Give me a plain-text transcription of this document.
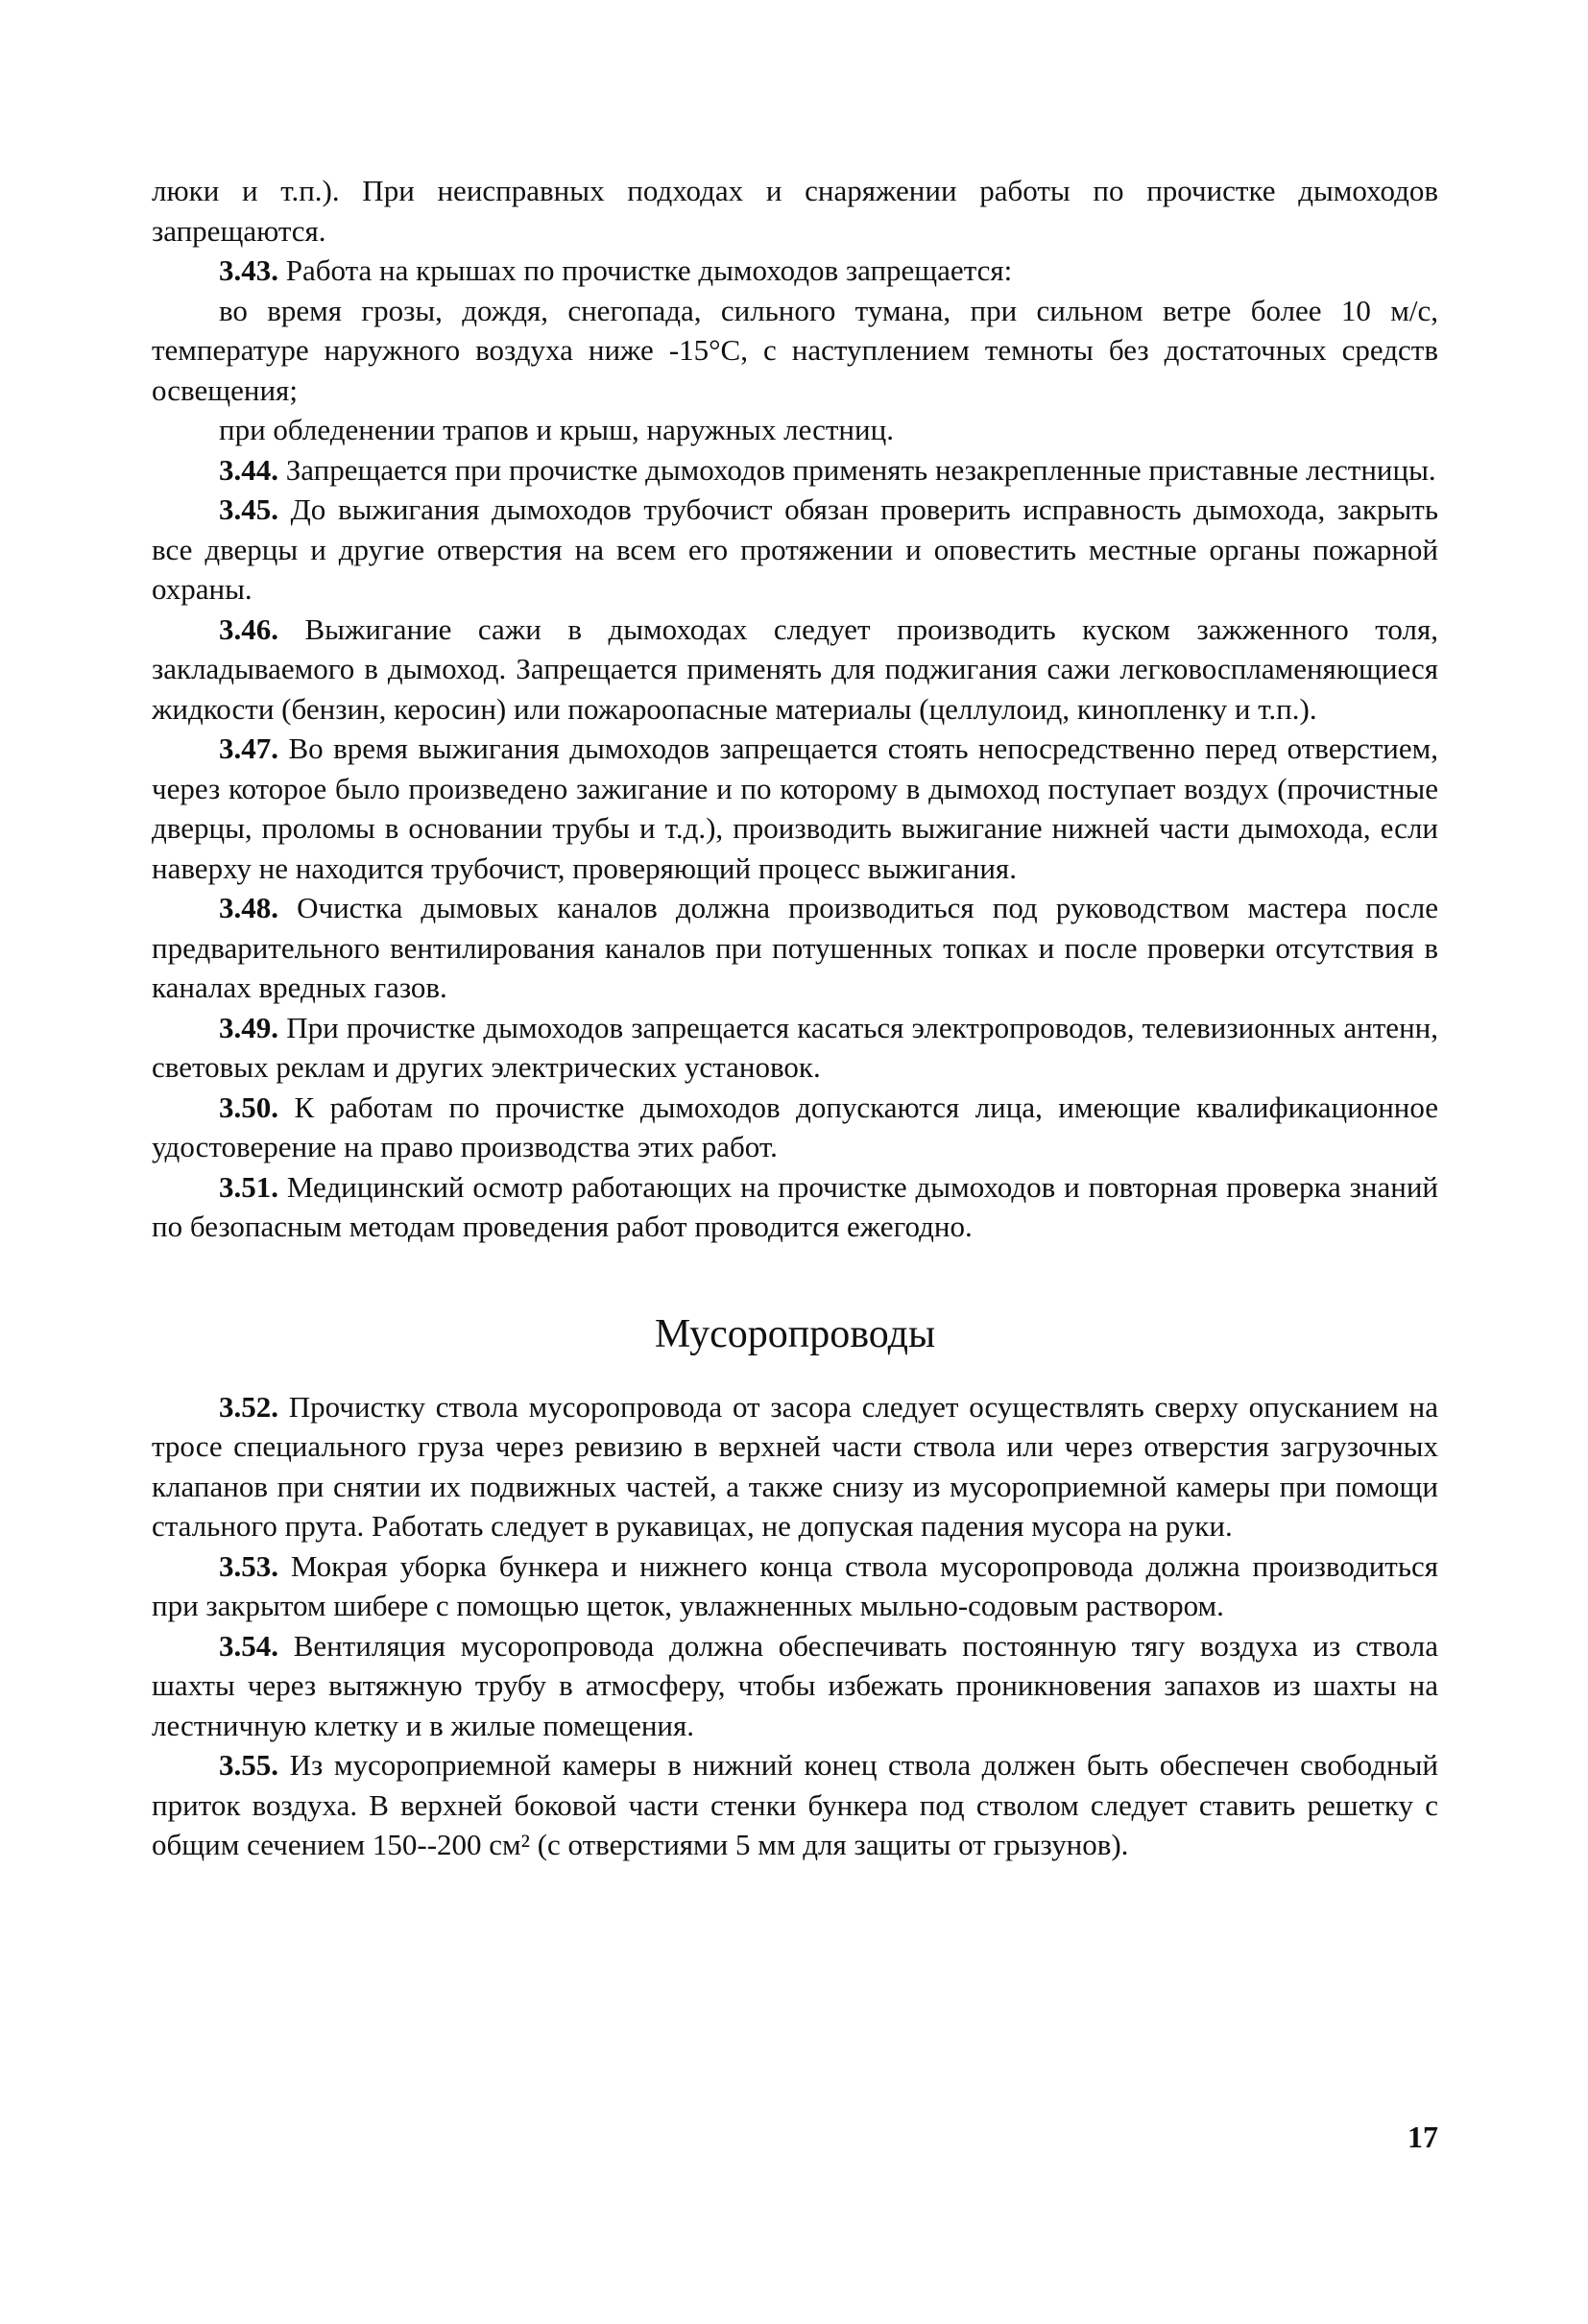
люки и т.п.). При неисправных подходах и снаряжении работы по прочистке дымоходов запрещаются.

3.43. Работа на крышах по прочистке дымоходов запрещается:

во время грозы, дождя, снегопада, сильного тумана, при сильном ветре более 10 м/с, температуре наружного воздуха ниже -15°С, с наступлением темноты без достаточных средств освещения;

при обледенении трапов и крыш, наружных лестниц.

3.44. Запрещается при прочистке дымоходов применять незакрепленные приставные лестницы.

3.45. До выжигания дымоходов трубочист обязан проверить исправность дымохода, закрыть все дверцы и другие отверстия на всем его протяжении и оповестить местные органы пожарной охраны.

3.46. Выжигание сажи в дымоходах следует производить куском зажженного толя, закладываемого в дымоход. Запрещается применять для поджигания сажи легковоспламеняющиеся жидкости (бензин, керосин) или пожароопасные материалы (целлулоид, кинопленку и т.п.).

3.47. Во время выжигания дымоходов запрещается стоять непосредственно перед отверстием, через которое было произведено зажигание и по которому в дымоход поступает воздух (прочистные дверцы, проломы в основании трубы и т.д.), производить выжигание нижней части дымохода, если наверху не находится трубочист, проверяющий процесс выжигания.

3.48. Очистка дымовых каналов должна производиться под руководством мастера после предварительного вентилирования каналов при потушенных топках и после проверки отсутствия в каналах вредных газов.

3.49. При прочистке дымоходов запрещается касаться электропроводов, телевизионных антенн, световых реклам и других электрических установок.

3.50. К работам по прочистке дымоходов допускаются лица, имеющие квалификационное удостоверение на право производства этих работ.

3.51. Медицинский осмотр работающих на прочистке дымоходов и повторная проверка знаний по безопасным методам проведения работ проводится ежегодно.

Мусоропроводы

3.52. Прочистку ствола мусоропровода от засора следует осуществлять сверху опусканием на тросе специального груза через ревизию в верхней части ствола или через отверстия загрузочных клапанов при снятии их подвижных частей, а также снизу из мусороприемной камеры при помощи стального прута. Работать следует в рукавицах, не допуская падения мусора на руки.

3.53. Мокрая уборка бункера и нижнего конца ствола мусоропровода должна производиться при закрытом шибере с помощью щеток, увлажненных мыльно-содовым раствором.

3.54. Вентиляция мусоропровода должна обеспечивать постоянную тягу воздуха из ствола шахты через вытяжную трубу в атмосферу, чтобы избежать проникновения запахов из шахты на лестничную клетку и в жилые помещения.

3.55. Из мусороприемной камеры в нижний конец ствола должен быть обеспечен свободный приток воздуха. В верхней боковой части стенки бункера под стволом следует ставить решетку с общим сечением 150--200 см² (с отверстиями 5 мм для защиты от грызунов).

17
